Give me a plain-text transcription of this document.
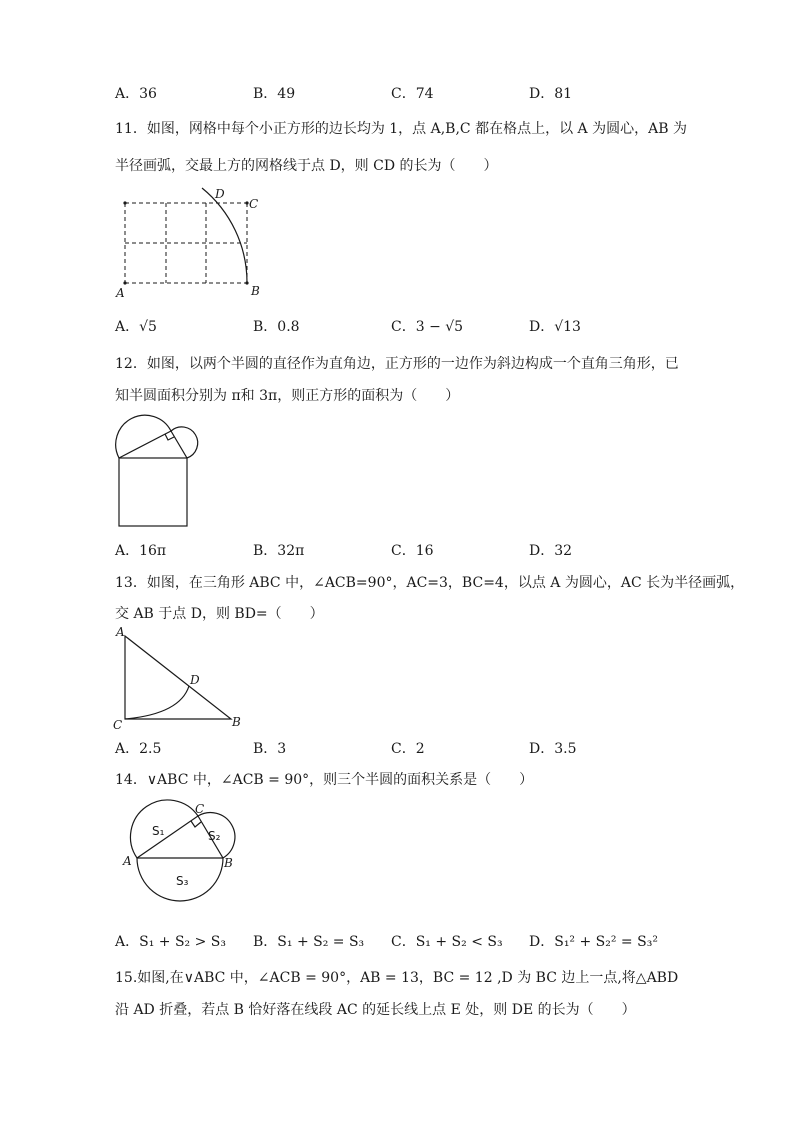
A．36	B．49	C．74	D．81
11．如图，网格中每个小正方形的边长均为 1，点 A,B,C 都在格点上，以 A 为圆心，AB 为
半径画弧，交最上方的网格线于点 D，则 CD 的长为（　　）
A	B
C
D
A．√5	B．0.8	C．3 − √5	D．√13
12．如图，以两个半圆的直径作为直角边，正方形的一边作为斜边构成一个直角三角形，已
知半圆面积分别为 π和 3π，则正方形的面积为（　　）
A．16π	B．32π	C．16	D．32
13．如图，在三角形 ABC 中，∠ACB=90°，AC=3，BC=4，以点 A 为圆心，AC 长为半径画弧，
交 AB 于点 D，则 BD=（　　）
A
B
C
D
A．2.5	B．3	C．2	D．3.5
14．∨ABC 中，∠ACB = 90°，则三个半圆的面积关系是（　　）
A	B
C
S₁	S₂
S₃
A．S₁ + S₂ > S₃ B．S₁ + S₂ = S₃ C．S₁ + S₂ < S₃ D．S₁² + S₂² = S₃²
15.如图,在∨ABC 中，∠ACB = 90°，AB = 13，BC = 12 ,D 为 BC 边上一点,将△ABD
沿 AD 折叠，若点 B 恰好落在线段 AC 的延长线上点 E 处，则 DE 的长为（　　）
